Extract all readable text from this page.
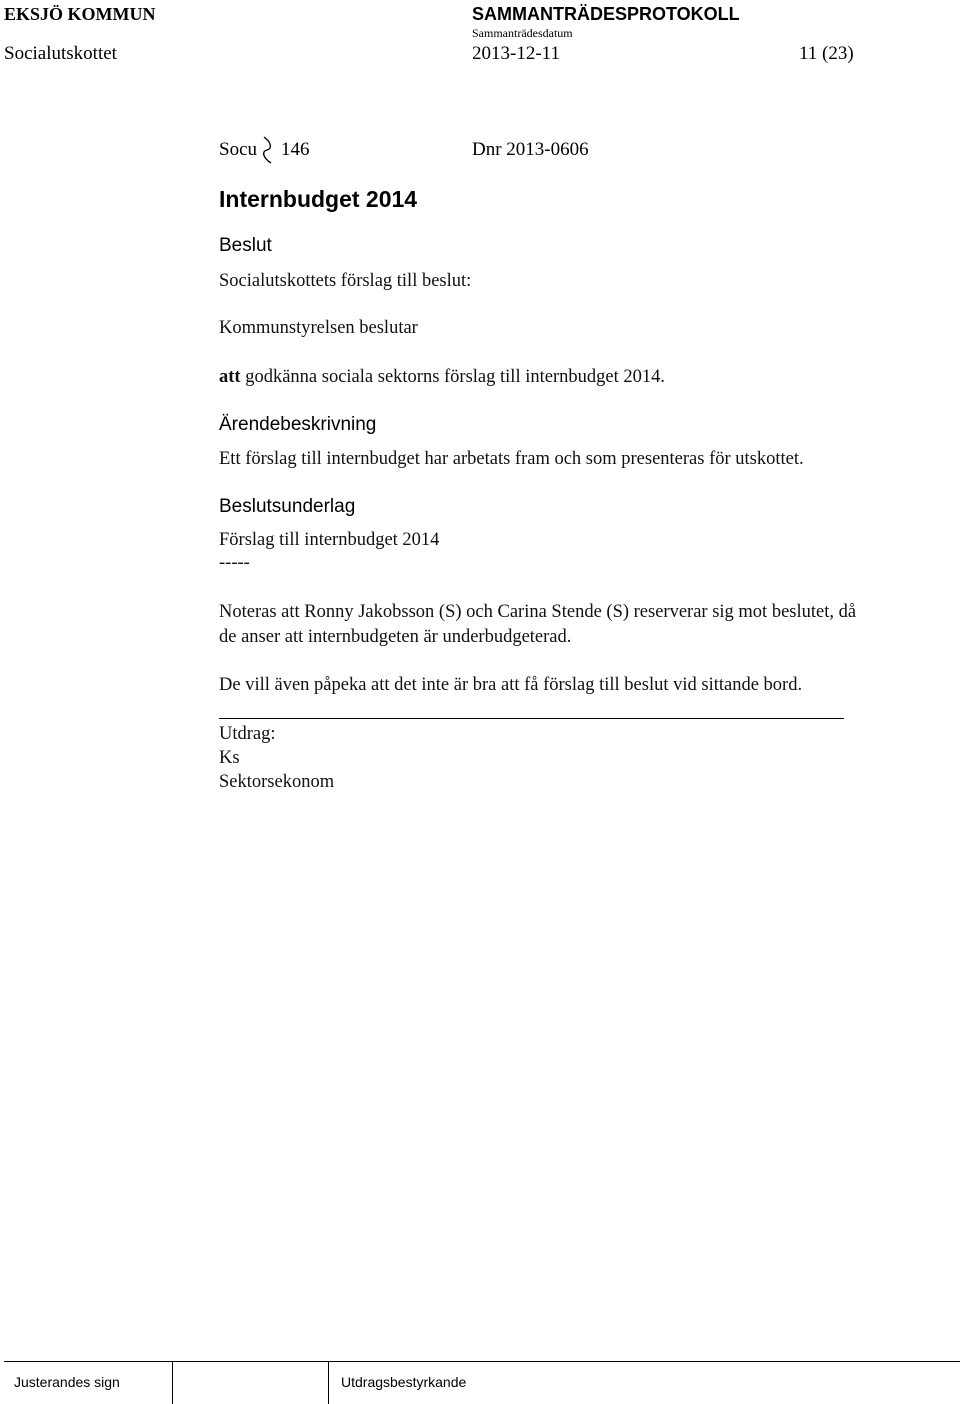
EKSJÖ KOMMUN	SAMMANTRÄDESPROTOKOLL
Sammanträdesdatum
Socialutskottet	2013-12-11	11 (23)
Socu 146	Dnr 2013-0606
Internbudget 2014
Beslut
Socialutskottets förslag till beslut:
Kommunstyrelsen beslutar
att godkänna sociala sektorns förslag till internbudget 2014.
Ärendebeskrivning
Ett förslag till internbudget har arbetats fram och som presenteras för utskottet.
Beslutsunderlag
Förslag till internbudget 2014
-----
Noteras att Ronny Jakobsson (S) och Carina Stende (S) reserverar sig mot beslutet, då
de anser att internbudgeten är underbudgeterad.
De vill även påpeka att det inte är bra att få förslag till beslut vid sittande bord.
Utdrag:
Ks
Sektorsekonom
Justerandes sign	Utdragsbestyrkande
